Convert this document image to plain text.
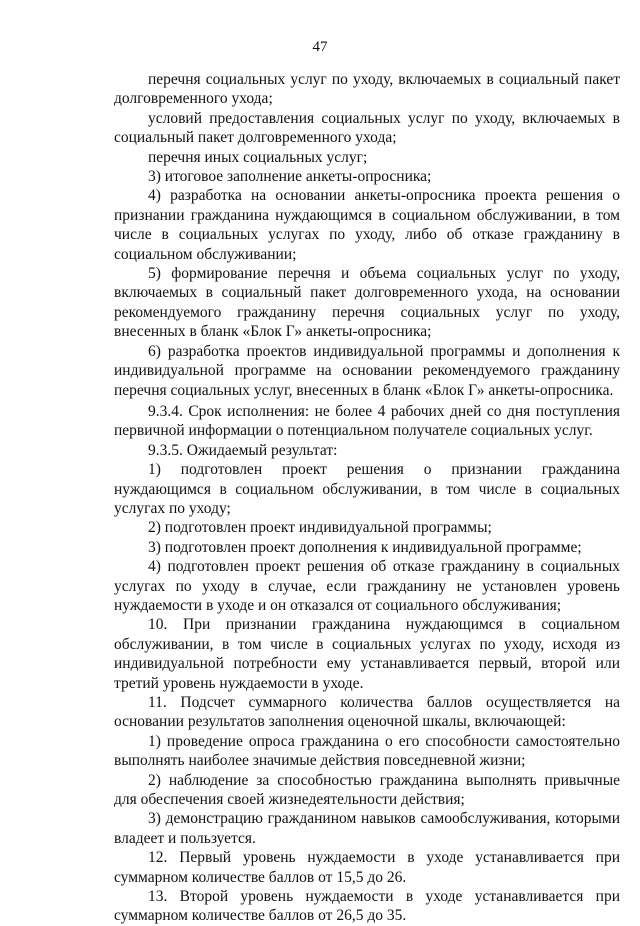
47

перечня социальных услуг по уходу, включаемых в социальный пакет долговременного ухода;

условий предоставления социальных услуг по уходу, включаемых в социальный пакет долговременного ухода;

перечня иных социальных услуг;

3) итоговое заполнение анкеты-опросника;

4) разработка на основании анкеты-опросника проекта решения о признании гражданина нуждающимся в социальном обслуживании, в том числе в социальных услугах по уходу, либо об отказе гражданину в социальном обслуживании;

5) формирование перечня и объема социальных услуг по уходу, включаемых в социальный пакет долговременного ухода, на основании рекомендуемого гражданину перечня социальных услуг по уходу, внесенных в бланк «Блок Г» анкеты-опросника;

6) разработка проектов индивидуальной программы и дополнения к индивидуальной программе на основании рекомендуемого гражданину перечня социальных услуг, внесенных в бланк «Блок Г» анкеты-опросника.

9.3.4. Срок исполнения: не более 4 рабочих дней со дня поступления первичной информации о потенциальном получателе социальных услуг.

9.3.5. Ожидаемый результат:

1) подготовлен проект решения о признании гражданина нуждающимся в социальном обслуживании, в том числе в социальных услугах по уходу;

2) подготовлен проект индивидуальной программы;

3) подготовлен проект дополнения к индивидуальной программе;

4) подготовлен проект решения об отказе гражданину в социальных услугах по уходу в случае, если гражданину не установлен уровень нуждаемости в уходе и он отказался от социального обслуживания;

10. При признании гражданина нуждающимся в социальном обслуживании, в том числе в социальных услугах по уходу, исходя из индивидуальной потребности ему устанавливается первый, второй или третий уровень нуждаемости в уходе.

11. Подсчет суммарного количества баллов осуществляется на основании результатов заполнения оценочной шкалы, включающей:

1) проведение опроса гражданина о его способности самостоятельно выполнять наиболее значимые действия повседневной жизни;

2) наблюдение за способностью гражданина выполнять привычные для обеспечения своей жизнедеятельности действия;

3) демонстрацию гражданином навыков самообслуживания, которыми владеет и пользуется.

12. Первый уровень нуждаемости в уходе устанавливается при суммарном количестве баллов от 15,5 до 26.

13. Второй уровень нуждаемости в уходе устанавливается при суммарном количестве баллов от 26,5 до 35.
